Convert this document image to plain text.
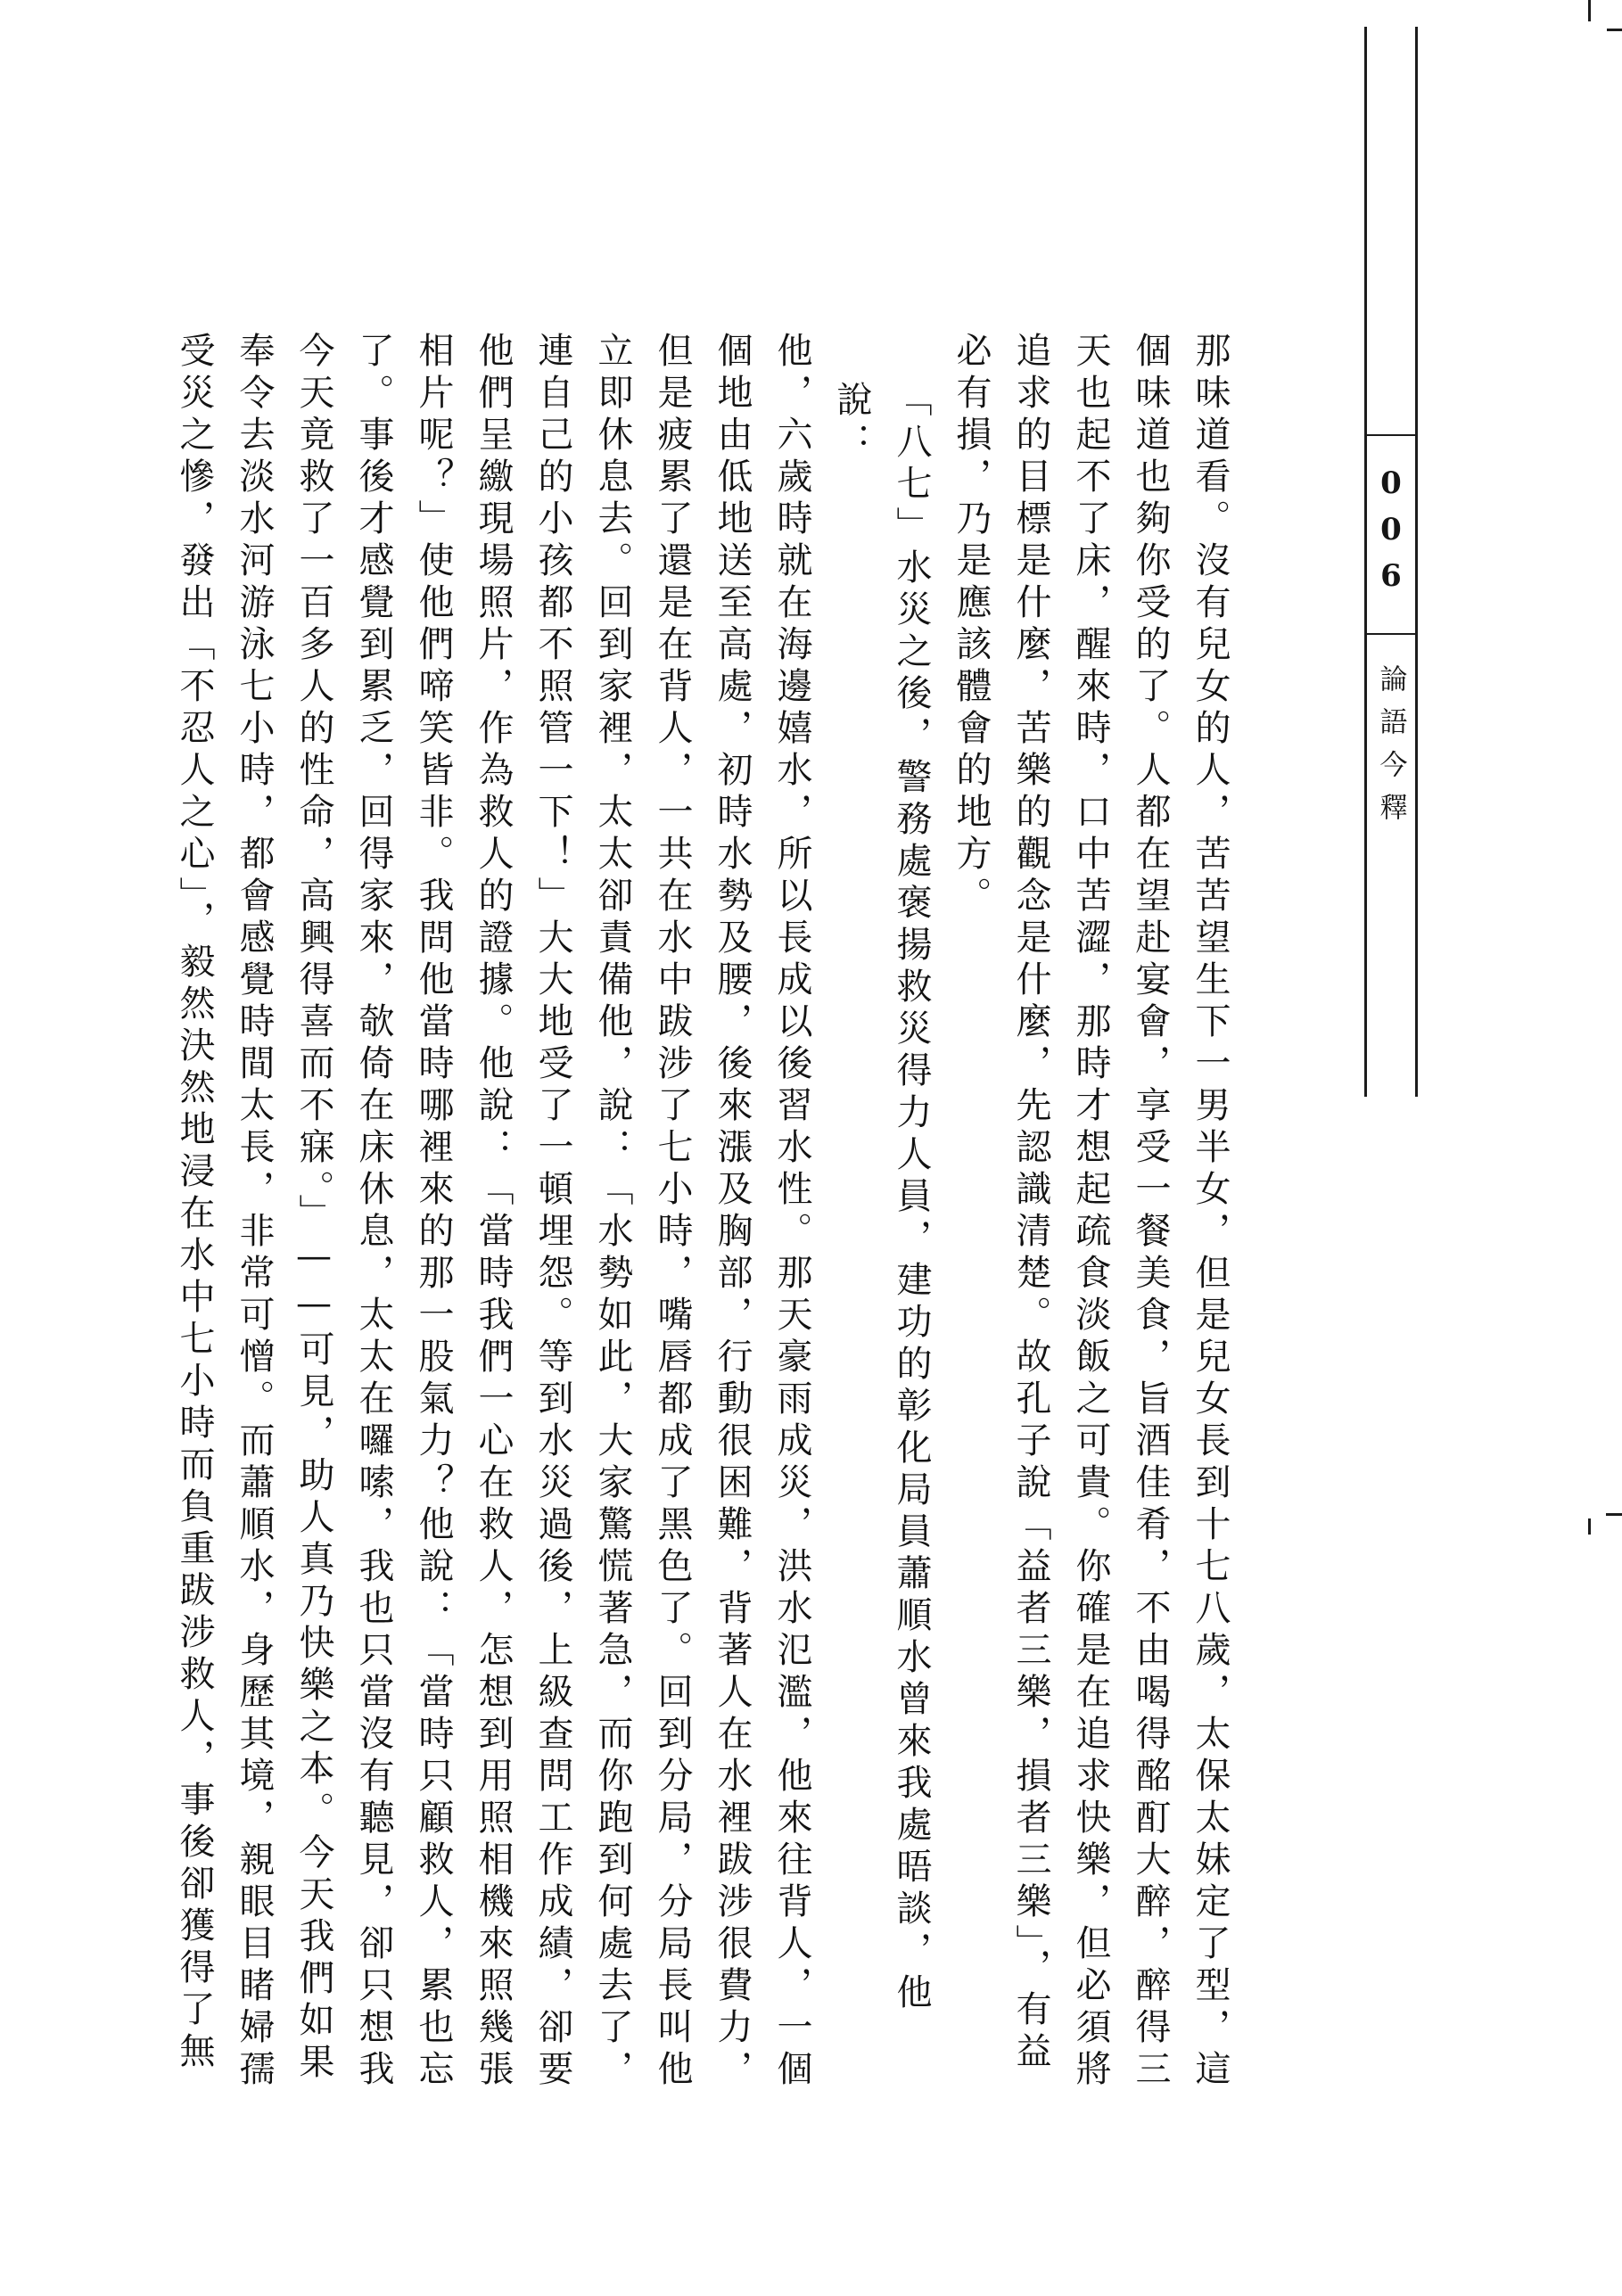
006
論語今釋
那味道看。沒有兒女的人，苦苦望生下一男半女，但是兒女長到十七八歲，太保太妹定了型，這
個味道也夠你受的了。人都在望赴宴會，享受一餐美食，旨酒佳肴，不由喝得酩酊大醉，醉得三
天也起不了床，醒來時，口中苦澀，那時才想起疏食淡飯之可貴。你確是在追求快樂，但必須將
追求的目標是什麼，苦樂的觀念是什麼，先認識清楚。故孔子說「益者三樂，損者三樂」，有益
必有損，乃是應該體會的地方。
「八七」水災之後，警務處褒揚救災得力人員，建功的彰化局員蕭順水曾來我處晤談，他說：
他，六歲時就在海邊嬉水，所以長成以後習水性。那天豪雨成災，洪水氾濫，他來往背人，一個
個地由低地送至高處，初時水勢及腰，後來漲及胸部，行動很困難，背著人在水裡跋涉很費力，
但是疲累了還是在背人，一共在水中跋涉了七小時，嘴唇都成了黑色了。回到分局，分局長叫他
立即休息去。回到家裡，太太卻責備他，說：「水勢如此，大家驚慌著急，而你跑到何處去了，
連自己的小孩都不照管一下！」大大地受了一頓埋怨。等到水災過後，上級查問工作成績，卻要
他們呈繳現場照片，作為救人的證據。他說：「當時我們一心在救人，怎想到用照相機來照幾張
相片呢？」使他們啼笑皆非。我問他當時哪裡來的那一股氣力？他說：「當時只顧救人，累也忘
了。事後才感覺到累乏，回得家來，欹倚在床休息，太太在囉嗦，我也只當沒有聽見，卻只想我
今天竟救了一百多人的性命，高興得喜而不寐。」——可見，助人真乃快樂之本。今天我們如果
奉令去淡水河游泳七小時，都會感覺時間太長，非常可憎。而蕭順水，身歷其境，親眼目睹婦孺
受災之慘，發出「不忍人之心」，毅然決然地浸在水中七小時而負重跋涉救人，事後卻獲得了無
